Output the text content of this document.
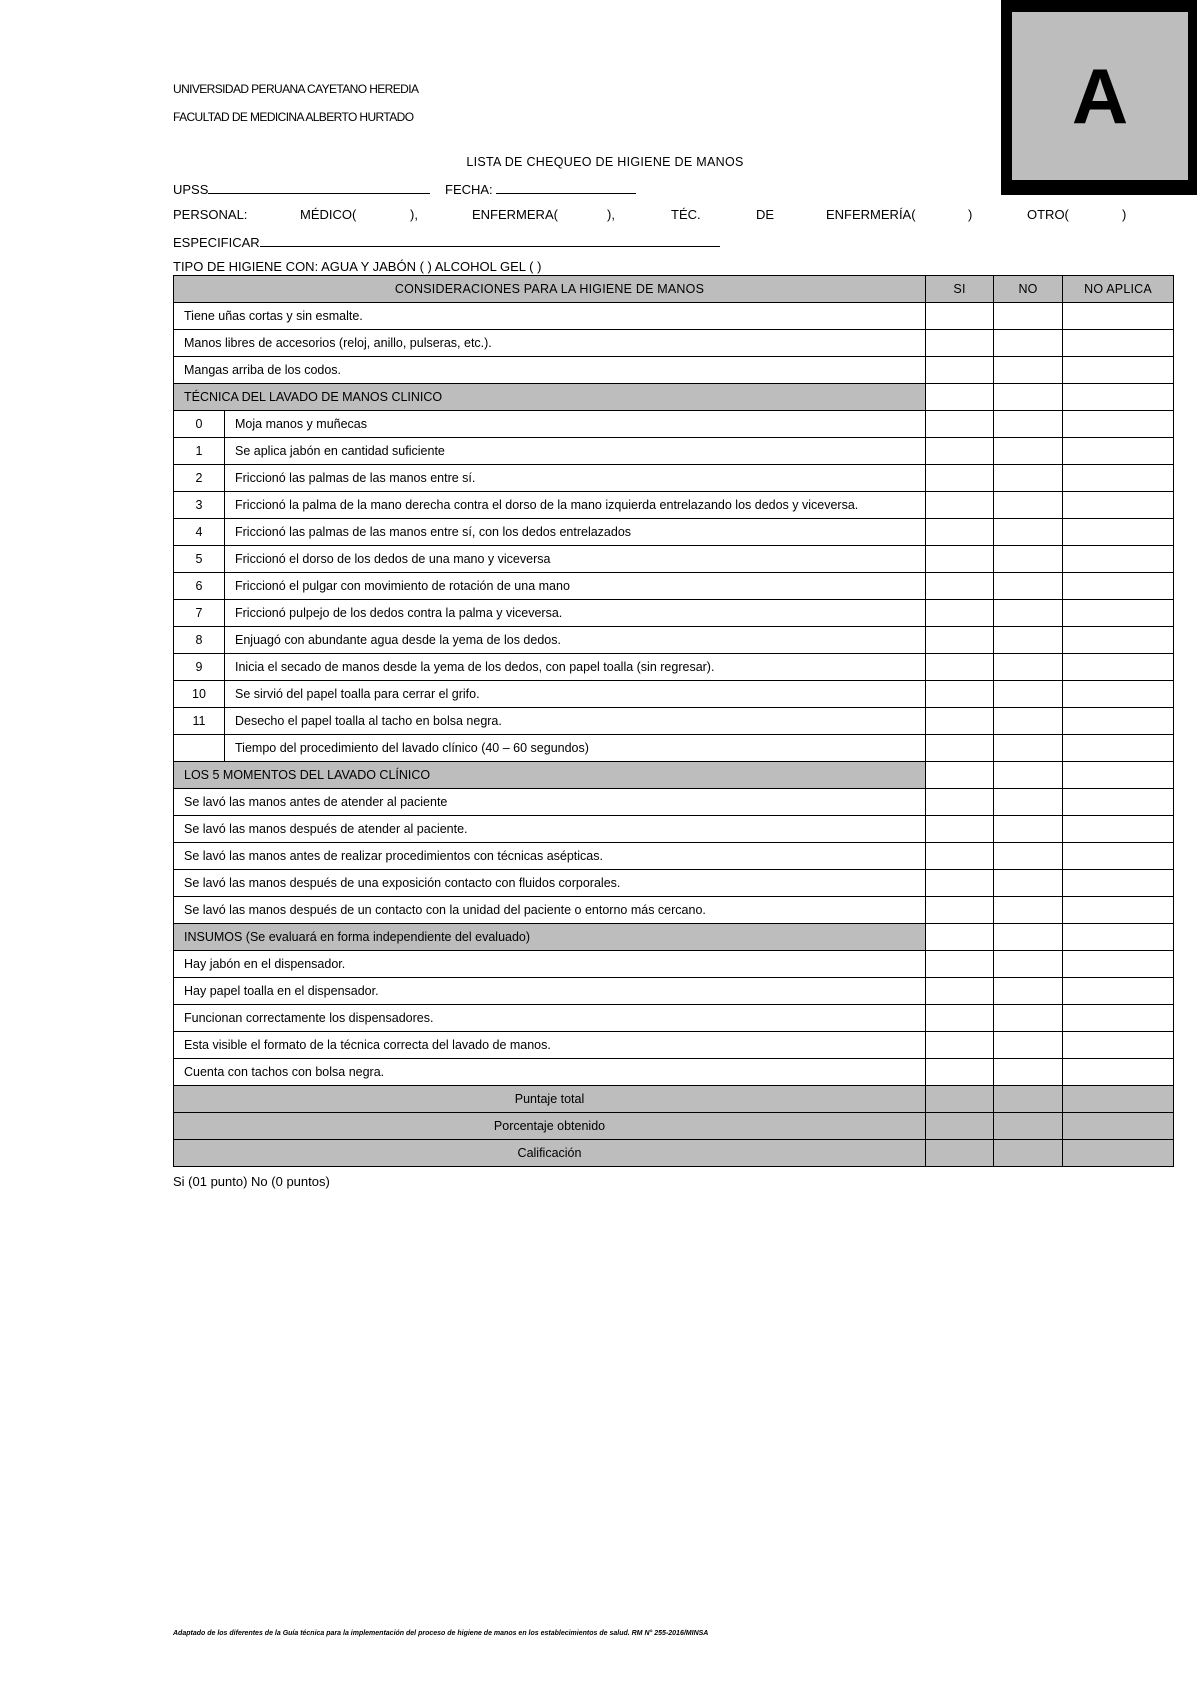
A
UNIVERSIDAD PERUANA CAYETANO HEREDIA
FACULTAD DE MEDICINA ALBERTO HURTADO
LISTA DE CHEQUEO DE HIGIENE DE MANOS
UPSS	FECHA:
PERSONAL:	MÉDICO(	),	ENFERMERA(	),	TÉC.	DE	ENFERMERÍA(	)	OTRO(	)
ESPECIFICAR
TIPO DE HIGIENE CON: AGUA Y JABÓN ( ) ALCOHOL GEL ( )
CONSIDERACIONES PARA LA HIGIENE DE MANOS		SI	NO	NO APLICA
Tiene uñas cortas y sin esmalte.				
Manos libres de accesorios (reloj, anillo, pulseras, etc.).				
Mangas arriba de los codos.				
TÉCNICA DEL LAVADO DE MANOS CLINICO				
0	Moja manos y muñecas			
1	Se aplica jabón en cantidad suficiente			
2	Friccionó las palmas de las manos entre sí.			
3	Friccionó la palma de la mano derecha contra el dorso de la mano izquierda entrelazando los dedos y viceversa.			
4	Friccionó las palmas de las manos entre sí, con los dedos entrelazados			
5	Friccionó el dorso de los dedos de una mano y viceversa			
6	Friccionó el pulgar con movimiento de rotación de una mano			
7	Friccionó pulpejo de los dedos contra la palma y viceversa.			
8	Enjuagó con abundante agua desde la yema de los dedos.			
9	Inicia el secado de manos desde la yema de los dedos, con papel toalla (sin regresar).			
10	Se sirvió del papel toalla para cerrar el grifo.			
11	Desecho el papel toalla al tacho en bolsa negra.			
	Tiempo del procedimiento del lavado clínico (40 – 60 segundos)			
LOS 5 MOMENTOS DEL LAVADO CLÍNICO				
Se lavó las manos antes de atender al paciente				
Se lavó las manos después de atender al paciente.				
Se lavó las manos antes de realizar procedimientos con técnicas asépticas.				
Se lavó las manos después de una exposición contacto con fluidos corporales.				
Se lavó las manos después de un contacto con la unidad del paciente o entorno más cercano.				
INSUMOS (Se evaluará en forma independiente del evaluado)				
Hay jabón en el dispensador.				
Hay papel toalla en el dispensador.				
Funcionan correctamente los dispensadores.				
Esta visible el formato de la técnica correcta del lavado de manos.				
Cuenta con tachos con bolsa negra.				
Puntaje total				
Porcentaje obtenido				
Calificación				
Si (01 punto) No (0 puntos)
Adaptado de los diferentes de la Guía técnica para la implementación del proceso de higiene de manos en los establecimientos de salud. RM N° 255-2016/MINSA
